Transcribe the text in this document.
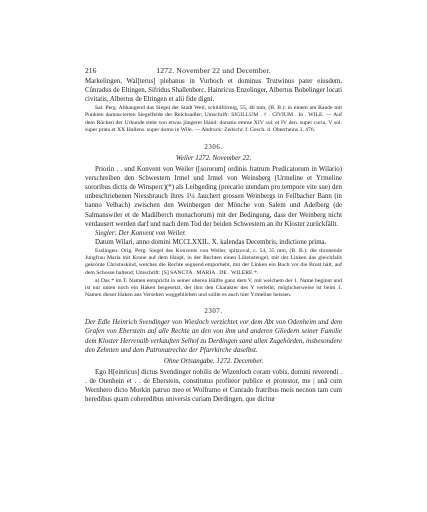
216	1272. November 22 und December.

Markelingen, Wal[terus] plebanus in Vurboch et dominus Trutwinus pater eiusdem, Cůnradus de Eltingen, Sifridus Shallenberc, Hainricus Enzelinger, Albertus Bobelinger locati civitatis, Albertus de Eltingen et alii fide digni.

Sal. Perg. Abhangend das Siegel der Stadt Weil, schildförmig, 55, 46 mm, (B. B.): in einem am Rande mit Punkten damascierten Siegelfelde der Reichsadler; Umschrift: SIGILLUM . † . CIVIUM . In . WILE. — Auf dem Rücken der Urkunde steht von etwas jüngerer Hand: donatio emme XIV sol. et IV den. super curia, V sol. super prata et XX Hallens. super domo in Wile. — Abdruck: Zeitschr. f. Gesch. d. Oberrheins 3, 476.

2306.
Weiler 1272. November 22.

Priorin . . und Konvent von Weiler ([sororum] ordinis fratrum Predicatorum in Wilario) verschreiben den Schwestern Irmel und Irmel von Weinsberg (Urmeline et Yrmeline sororibus dictis de Winsperc)(*) als Leibgeding (precario utendam pro tempore vite sue) den unbeschriebenen Niessbrauch ihres 1¼ Jauchert grossen Weinbergs in Fellbacher Bann (in banno Velbach) zwischen den Weinbergen der Mönche von Salem und Adelberg (de Salmanswiler et de Madilberch monachorum) mit der Bedingung, dass der Weinberg nicht verdausert werden darf und nach dem Tod der beiden Schwestern an ihr Kloster zurückfällt.

Siegler: Der Konvent von Weiler.

Datum Wilari, anno domini MCCLXXII., X. kalendas Decembris, indictione prima.

Esslingen. Orig. Perg. Siegel des Konvents von Weiler, spitzoval, c. 54, 35 mm, (B. B.): die thronende Jungfrau Maria mit Krone auf dem Haupt, in der Rechten einen Lilienstengel, mit der Linken das gleichfalls gekrönte Christuskind, welches die Rechte segnend emporhebt, mit der Linken ein Buch vor die Brust hält, auf dem Schosse haltend; Umschrift: [S] SANCTA . MARIA . DE . WILERE *.

a) Das * im T. Namen entspricht in seiner oberen Hälfte ganz dem V, mit welchem der 1. Name beginnt und ist nur unten noch ein Haken beigesetzt, der ihm den Charakter des Y verleiht; möglicherweise ist beim 1. Namen dieser Haken aus Versehen weggeblieben und sollte es auch hier Yrmeline heissen.

2307.

Der Edle Heinrich Svendinger von Wiesloch verzichtet vor dem Abt von Odenheim und dem Grafen von Eberstein auf alle Rechte an den von ihm und anderen Gliedern seiner Familie dem Kloster Herrenalb verkauften Selhof zu Derdingen samt allen Zugehörden, insbesondere den Zehnten und dem Patronatrechte der Pfarrkirche daselbst.

Ohne Ortsangabe. 1272. December.

Ego H[einricus] dictus Svendinger nobilis de Wizenloch coram vobis, domini reverendi . . de Otenhein et . . de Eberstein, constitutus profiteor publice et protestor, me | unâ cum Wernhero dicto Morkin patruo meo et Wolframo et Cunrado fratribus meis necnon tam cum heredibus quam coheredibus universis curiam Derdingen, que dicitur
